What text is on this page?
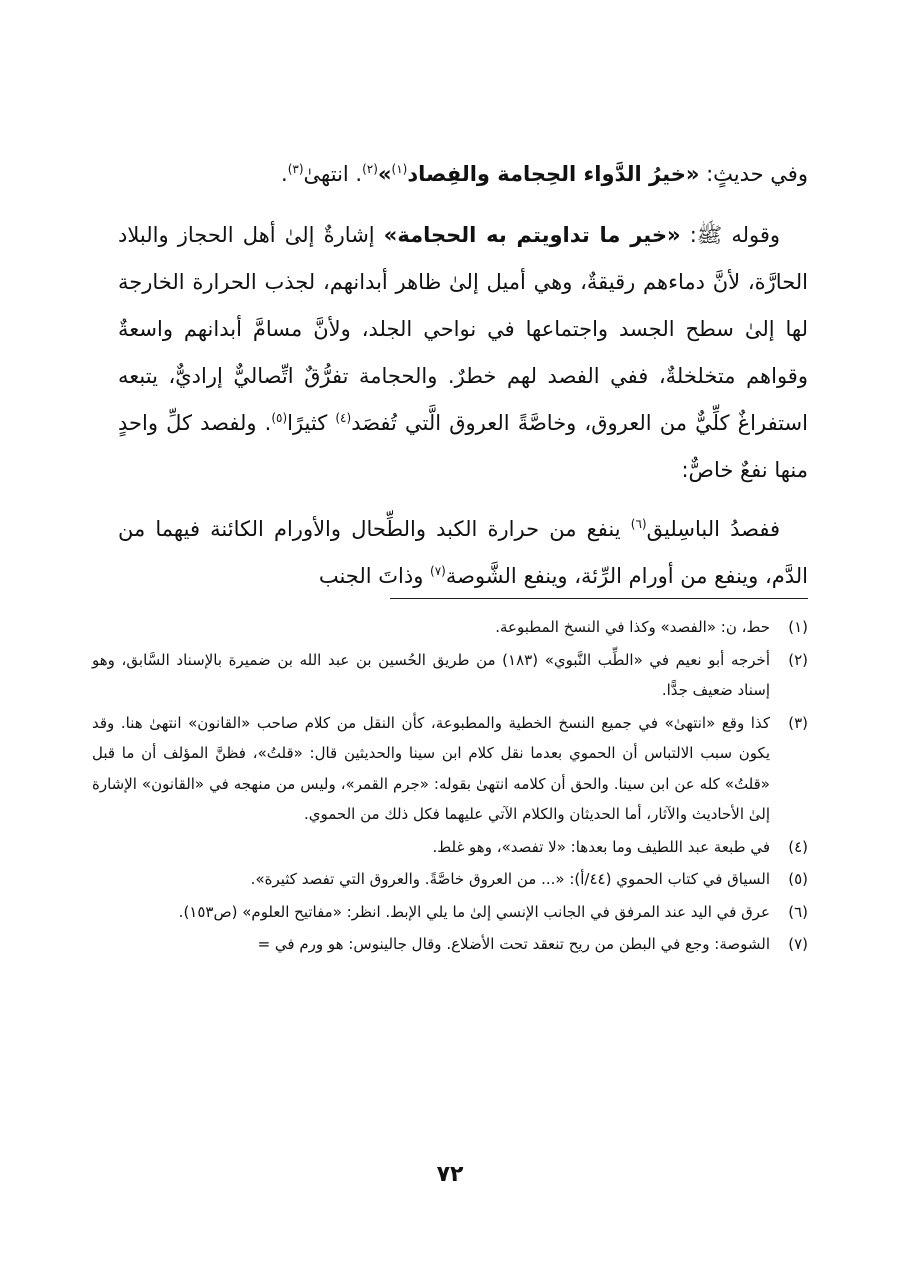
وفي حديثٍ: «خيرُ الدَّواء الحِجامة والفِصاد$^{(١)}$»$^{(٢)}$. انتهىٰ$^{(٣)}$.

وقوله ﷺ: «خير ما تداويتم به الحجامة» إشارةٌ إلىٰ أهل الحجاز والبلاد الحارَّة، لأنَّ دماءهم رقيقةٌ، وهي أميل إلىٰ ظاهر أبدانهم، لجذب الحرارة الخارجة لها إلىٰ سطح الجسد واجتماعها في نواحي الجلد، ولأنَّ مسامَّ أبدانهم واسعةٌ وقواهم متخلخلةٌ، ففي الفصد لهم خطرٌ. والحجامة تفرُّقٌ اتِّصاليٌّ إراديٌّ، يتبعه استفراغٌ كلِّيٌّ من العروق، وخاصَّةً العروق الَّتي تُفصَد$^{(٤)}$ كثيرًا$^{(٥)}$. ولفصد كلِّ واحدٍ منها نفعٌ خاصٌّ:

ففصدُ الباسِليق$^{(٦)}$ ينفع من حرارة الكبد والطِّحال والأورام الكائنة فيهما من الدَّم، وينفع من أورام الرِّئة، وينفع الشَّوصة$^{(٧)}$ وذاتَ الجنب

(١)
حط، ن: «الفصد» وكذا في النسخ المطبوعة.
(٢)
أخرجه أبو نعيم في «الطِّب النَّبوي» (١٨٣) من طريق الحُسين بن عبد الله بن ضميرة بالإسناد السَّابق، وهو إسناد ضعيف جدًّا.
(٣)
كذا وقع «انتهىٰ» في جميع النسخ الخطية والمطبوعة، كأن النقل من كلام صاحب «القانون» انتهىٰ هنا. وقد يكون سبب الالتباس أن الحموي بعدما نقل كلام ابن سينا والحديثين قال: «قلتُ»، فظنَّ المؤلف أن ما قبل «قلتُ» كله عن ابن سينا. والحق أن كلامه انتهىٰ بقوله: «جرم القمر»، وليس من منهجه في «القانون» الإشارة إلىٰ الأحاديث والآثار، أما الحديثان والكلام الآتي عليهما فكل ذلك من الحموي.
(٤)
في طبعة عبد اللطيف وما بعدها: «لا تفصد»، وهو غلط.
(٥)
السياق في كتاب الحموي (٤٤/أ): «... من العروق خاصَّةً. والعروق التي تفصد كثيرة».
(٦)
عرق في اليد عند المرفق في الجانب الإنسي إلىٰ ما يلي الإبط. انظر: «مفاتيح العلوم» (ص١٥٣).
(٧)
الشوصة: وجع في البطن من ريح تنعقد تحت الأضلاع. وقال جالينوس: هو ورم في =
٧٢
